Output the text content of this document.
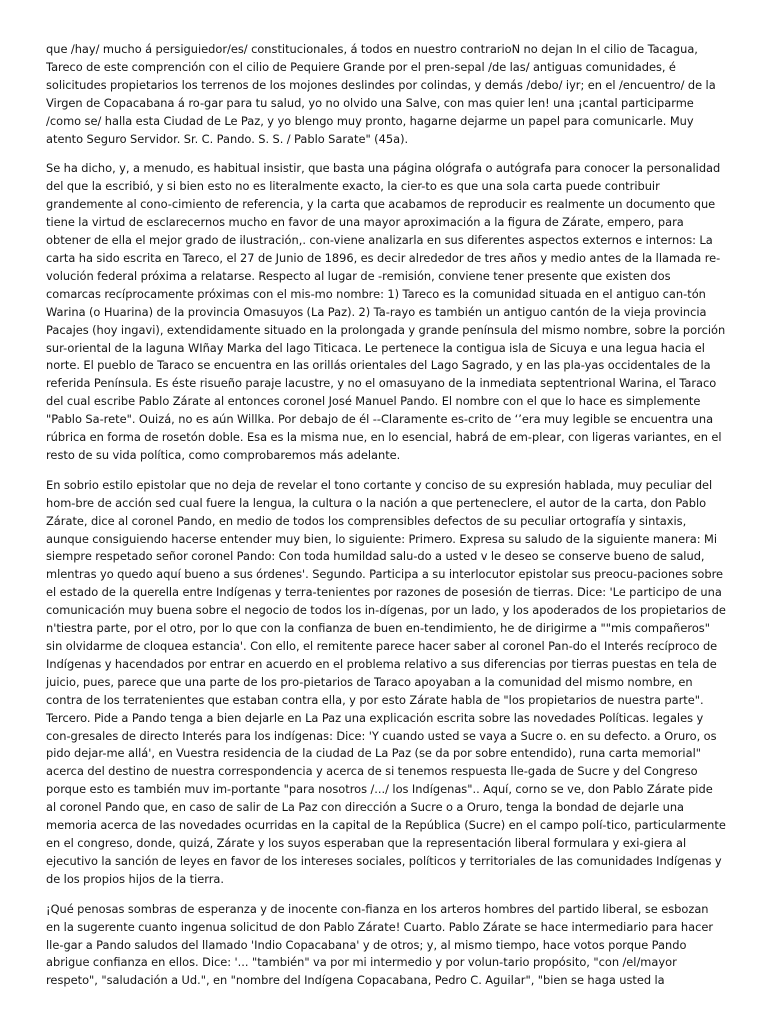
que /hay/ mucho á persiguiedor/es/ constitucionales, á todos en nuestro contrarioN no dejan In el cilio de Tacagua, Tareco de este comprención con el cilio de Pequiere Grande por el pren-sepal /de las/ antiguas comunidades, é solicitudes propietarios los terrenos de los mojones deslindes por colindas, y demás /debo/ iyr; en el /encuentro/ de la Virgen de Copacabana á ro-gar para tu salud, yo no olvido una Salve, con mas quier len! una ¡cantal participarme /como se/ halla esta Ciudad de Le Paz, y yo blengo muy pronto, hagarne dejarme un papel para comunicarle. Muy atento Seguro Servidor. Sr. C. Pando. S. S. / Pablo Sarate" (45a).

Se ha dicho, y, a menudo, es habitual insistir, que basta una página ológrafa o autógrafa para conocer la personalidad del que la escribió, y si bien esto no es literalmente exacto, la cier-to es que una sola carta puede contribuir grandemente al cono-cimiento de referencia, y la carta que acabamos de reproducir es realmente un documento que tiene la virtud de esclarecernos mucho en favor de una mayor aproximación a la figura de Zárate, empero, para obtener de ella el mejor grado de ilustración,. con-viene analizarla en sus diferentes aspectos externos e internos: La carta ha sido escrita en Tareco, el 27 de Junio de 1896, es decir alrededor de tres años y medio antes de la llamada re-volución federal próxima a relatarse. Respecto al lugar de -remisión, conviene tener presente que existen dos comarcas recíprocamente próximas con el mis-mo nombre: 1) Tareco es la comunidad situada en el antiguo can-tón Warina (o Huarina) de la provincia Omasuyos (La Paz). 2) Ta-rayo es también un antiguo cantón de la vieja provincia Pacajes (hoy ingavi), extendidamente situado en la prolongada y grande península del mismo nombre, sobre la porción sur-oriental de la laguna WIñay Marka del lago Titicaca. Le pertenece la contigua isla de Sicuya e una legua hacia el norte. El pueblo de Taraco se encuentra en las orillás orientales del Lago Sagrado, y en las pla-yas occidentales de la referida Península. Es éste risueño paraje lacustre, y no el omasuyano de la inmediata septentrional Warina, el Taraco del cual escribe Pablo Zárate al entonces coronel José Manuel Pando. El nombre con el que lo hace es simplemente "Pablo Sa-rete". Ouizá, no es aún Willka. Por debajo de él --Claramente es-crito de ‘’era muy legible se encuentra una rúbrica en forma de rosetón doble. Esa es la misma nue, en lo esencial, habrá de em-plear, con ligeras variantes, en el resto de su vida política, como comprobaremos más adelante.

En sobrio estilo epistolar que no deja de revelar el tono cortante y conciso de su expresión hablada, muy peculiar del hom-bre de acción sed cual fuere la lengua, la cultura o la nación a que perteneclere, el autor de la carta, don Pablo Zárate, dice al coronel Pando, en medio de todos los comprensibles defectos de su peculiar ortografía y sintaxis, aunque consiguiendo hacerse entender muy bien, lo siguiente: Primero. Expresa su saludo de la siguiente manera: Mi siempre respetado señor coronel Pando: Con toda humildad salu-do a usted v le deseo se conserve bueno de salud, mlentras yo quedo aquí bueno a sus órdenes'. Segundo. Participa a su interlocutor epistolar sus preocu-paciones sobre el estado de la querella entre Indígenas y terra-tenientes por razones de posesión de tierras. Dice: 'Le participo de una comunicación muy buena sobre el negocio de todos los in-dígenas, por un lado, y los apoderados de los propietarios de n'tiestra parte, por el otro, por lo que con la confianza de buen en-tendimiento, he de dirigirme a ""mis compañeros" sin olvidarme de cloquea estancia'. Con ello, el remitente parece hacer saber al coronel Pan-do el Interés recíproco de Indígenas y hacendados por entrar en acuerdo en el problema relativo a sus diferencias por tierras puestas en tela de juicio, pues, parece que una parte de los pro-pietarios de Taraco apoyaban a la comunidad del mismo nombre, en contra de los terratenientes que estaban contra ella, y por esto Zárate habla de "los propietarios de nuestra parte". Tercero. Pide a Pando tenga a bien dejarle en La Paz una explicación escrita sobre las novedades Políticas. legales y con-gresales de directo Interés para los indígenas: Dice: 'Y cuando usted se vaya a Sucre o. en su defecto. a Oruro, os pido dejar-me allá', en Vuestra residencia de la ciudad de La Paz (se da por sobre entendido), runa carta memorial" acerca del destino de nuestra correspondencia y acerca de si tenemos respuesta lle-gada de Sucre y del Congreso porque esto es también muv im-portante "para nosotros /.../ los Indígenas".. Aquí, corno se ve, don Pablo Zárate pide al coronel Pando que, en caso de salir de La Paz con dirección a Sucre o a Oruro, tenga la bondad de dejarle una memoria acerca de las novedades ocurridas en la capital de la República (Sucre) en el campo polí-tico, particularmente en el congreso, donde, quizá, Zárate y los suyos esperaban que la representación liberal formulara y exi-giera al ejecutivo la sanción de leyes en favor de los intereses sociales, políticos y territoriales de las comunidades Indígenas y de los propios hijos de la tierra.

¡Qué penosas sombras de esperanza y de inocente con-fianza en los arteros hombres del partido liberal, se esbozan en la sugerente cuanto ingenua solicitud de don Pablo Zárate! Cuarto. Pablo Zárate se hace intermediario para hacer lle-gar a Pando saludos del llamado 'Indio Copacabana' y de otros; y, al mismo tiempo, hace votos porque Pando abrigue confianza en ellos. Dice: '... "también" va por mi intermedio y por volun-tario propósito, "con /el/mayor respeto", "saludación a Ud.", en "nombre del Indígena Copacabana, Pedro C. Aguilar", "bien se haga usted la
